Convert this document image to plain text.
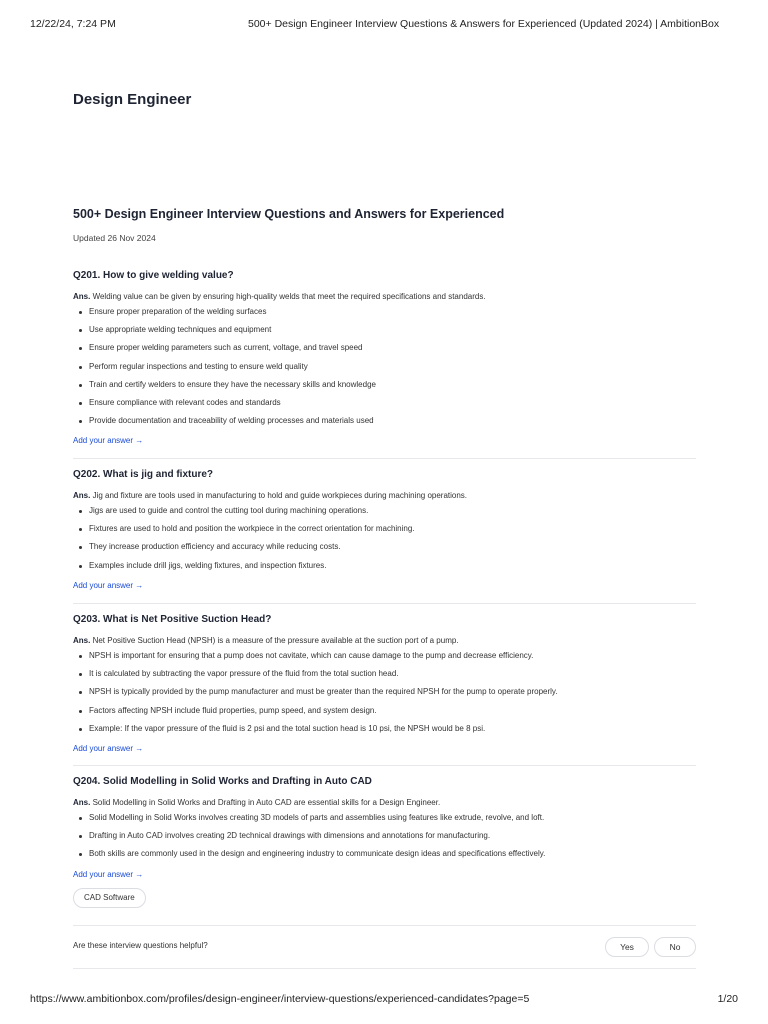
12/22/24, 7:24 PM	500+ Design Engineer Interview Questions & Answers for Experienced (Updated 2024) | AmbitionBox
Design Engineer
500+ Design Engineer Interview Questions and Answers for Experienced
Updated 26 Nov 2024
Q201. How to give welding value?
Ans. Welding value can be given by ensuring high-quality welds that meet the required specifications and standards.
Ensure proper preparation of the welding surfaces
Use appropriate welding techniques and equipment
Ensure proper welding parameters such as current, voltage, and travel speed
Perform regular inspections and testing to ensure weld quality
Train and certify welders to ensure they have the necessary skills and knowledge
Ensure compliance with relevant codes and standards
Provide documentation and traceability of welding processes and materials used
Add your answer →
Q202. What is jig and fixture?
Ans. Jig and fixture are tools used in manufacturing to hold and guide workpieces during machining operations.
Jigs are used to guide and control the cutting tool during machining operations.
Fixtures are used to hold and position the workpiece in the correct orientation for machining.
They increase production efficiency and accuracy while reducing costs.
Examples include drill jigs, welding fixtures, and inspection fixtures.
Add your answer →
Q203. What is Net Positive Suction Head?
Ans. Net Positive Suction Head (NPSH) is a measure of the pressure available at the suction port of a pump.
NPSH is important for ensuring that a pump does not cavitate, which can cause damage to the pump and decrease efficiency.
It is calculated by subtracting the vapor pressure of the fluid from the total suction head.
NPSH is typically provided by the pump manufacturer and must be greater than the required NPSH for the pump to operate properly.
Factors affecting NPSH include fluid properties, pump speed, and system design.
Example: If the vapor pressure of the fluid is 2 psi and the total suction head is 10 psi, the NPSH would be 8 psi.
Add your answer →
Q204. Solid Modelling in Solid Works and Drafting in Auto CAD
Ans. Solid Modelling in Solid Works and Drafting in Auto CAD are essential skills for a Design Engineer.
Solid Modelling in Solid Works involves creating 3D models of parts and assemblies using features like extrude, revolve, and loft.
Drafting in Auto CAD involves creating 2D technical drawings with dimensions and annotations for manufacturing.
Both skills are commonly used in the design and engineering industry to communicate design ideas and specifications effectively.
Add your answer →
CAD Software
Are these interview questions helpful?	Yes	No
https://www.ambitionbox.com/profiles/design-engineer/interview-questions/experienced-candidates?page=5	1/20
